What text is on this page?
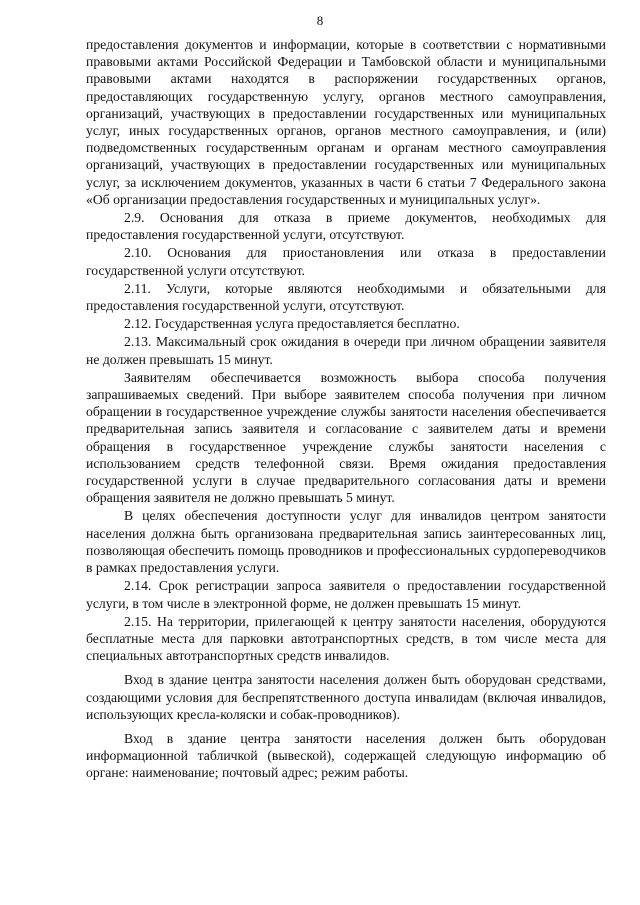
8

предоставления документов и информации, которые в соответствии с нормативными правовыми актами Российской Федерации и Тамбовской области и муниципальными правовыми актами находятся в распоряжении государственных органов, предоставляющих государственную услугу, органов местного самоуправления, организаций, участвующих в предоставлении государственных или муниципальных услуг, иных государственных органов, органов местного самоуправления, и (или) подведомственных государственным органам и органам местного самоуправления организаций, участвующих в предоставлении государственных или муниципальных услуг, за исключением документов, указанных в части 6 статьи 7 Федерального закона «Об организации предоставления государственных и муниципальных услуг».

2.9. Основания для отказа в приеме документов, необходимых для предоставления государственной услуги, отсутствуют.

2.10. Основания для приостановления или отказа в предоставлении государственной услуги отсутствуют.

2.11. Услуги, которые являются необходимыми и обязательными для предоставления государственной услуги, отсутствуют.

2.12. Государственная услуга предоставляется бесплатно.

2.13. Максимальный срок ожидания в очереди при личном обращении заявителя не должен превышать 15 минут.

Заявителям обеспечивается возможность выбора способа получения запрашиваемых сведений. При выборе заявителем способа получения при личном обращении в государственное учреждение службы занятости населения обеспечивается предварительная запись заявителя и согласование с заявителем даты и времени обращения в государственное учреждение службы занятости населения с использованием средств телефонной связи. Время ожидания предоставления государственной услуги в случае предварительного согласования даты и времени обращения заявителя не должно превышать 5 минут.

В целях обеспечения доступности услуг для инвалидов центром занятости населения должна быть организована предварительная запись заинтересованных лиц, позволяющая обеспечить помощь проводников и профессиональных сурдопереводчиков в рамках предоставления услуги.

2.14. Срок регистрации запроса заявителя о предоставлении государственной услуги, в том числе в электронной форме, не должен превышать 15 минут.

2.15. На территории, прилегающей к центру занятости населения, оборудуются бесплатные места для парковки автотранспортных средств, в том числе места для специальных автотранспортных средств инвалидов.

Вход в здание центра занятости населения должен быть оборудован средствами, создающими условия для беспрепятственного доступа инвалидам (включая инвалидов, использующих кресла-коляски и собак-проводников).

Вход в здание центра занятости населения должен быть оборудован информационной табличкой (вывеской), содержащей следующую информацию об органе: наименование; почтовый адрес; режим работы.
